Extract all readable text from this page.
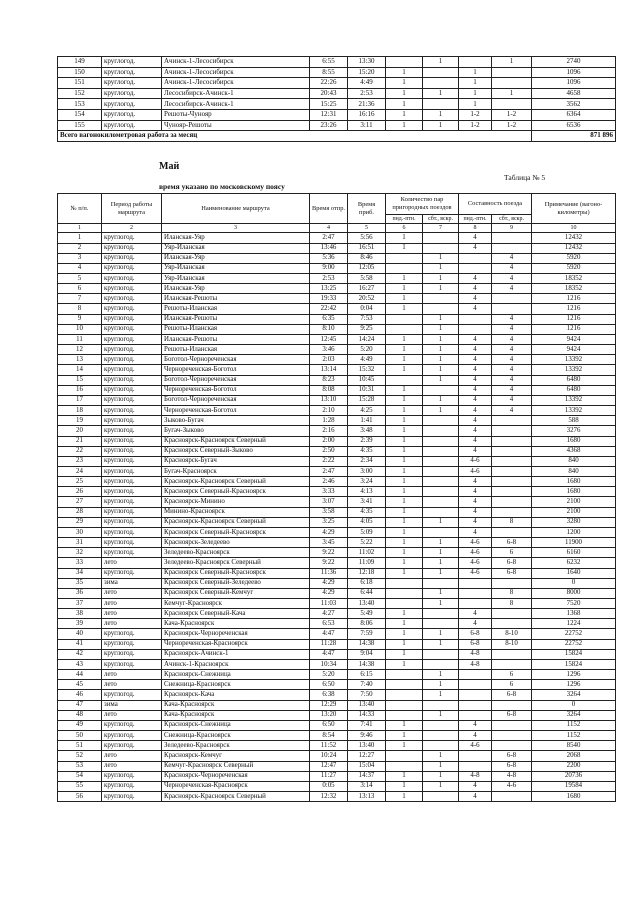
149	круглогод.	Ачинск-1-Лесосибирск	6:55	13:30		1		1	2740
150	круглогод.	Ачинск-1-Лесосибирск	8:55	15:20	1		1		1096
151	круглогод.	Ачинск-1-Лесосибирск	22:26	4:49	1		1		1096
152	круглогод.	Лесосибирск-Ачинск-1	20:43	2:53	1	1	1	1	4658
153	круглогод.	Лесосибирск-Ачинск-1	15:25	21:36	1		1		3562
154	круглогод.	Решоты-Чунояр	12:31	16:16	1	1	1-2	1-2	6364
155	круглогод.	Чунояр-Решоты	23:26	3:11	1	1	1-2	1-2	6536
Всего вагонокилометровая работа за месяц									871 896
Май
Таблица № 5
время указано по московскому поясу
№ п/п.	Период работы маршрута	Наименование маршрута	Время отпр.	Время приб.	Количество пар пригородных поездов		Составность поезда		Примечание (вагоно-километры)

					пнд.-птн.	сбт., вскр.	пнд.-птн.	сбт., вскр.	
1	2	3	4	5	6	7	8	9	10
1	круглогод.	Иланская-Уяр	2:47	5:56	1		4		12432
2	круглогод.	Уяр-Иланская	13:46	16:51	1		4		12432
3	круглогод.	Иланская-Уяр	5:36	8:46		1		4	5920
4	круглогод.	Уяр-Иланская	9:00	12:05		1		4	5920
5	круглогод.	Уяр-Иланская	2:53	5:58	1	1	4	4	18352
6	круглогод.	Иланская-Уяр	13:25	16:27	1	1	4	4	18352
7	круглогод.	Иланская-Решоты	19:33	20:52	1		4		1216
8	круглогод.	Решоты-Иланская	22:42	0:04	1		4		1216
9	круглогод.	Иланская-Решоты	6:35	7:53		1		4	1216
10	круглогод.	Решоты-Иланская	8:10	9:25		1		4	1216
11	круглогод.	Иланская-Решоты	12:45	14:24	1	1	4	4	9424
12	круглогод.	Решоты-Иланская	3:46	5:20	1	1	4	4	9424
13	круглогод.	Боготол-Чернореченская	2:03	4:49	1	1	4	4	13392
14	круглогод.	Чернореченская-Боготол	13:14	15:32	1	1	4	4	13392
15	круглогод.	Боготол-Чернореченская	8:23	10:45		1	4	4	6480
16	круглогод.	Чернореченская-Боготол	8:08	10:31	1		4	4	6480
17	круглогод.	Боготол-Чернореченская	13:10	15:28	1	1	4	4	13392
18	круглогод.	Чернореченская-Боготол	2:10	4:25	1	1	4	4	13392
19	круглогод.	Зыково-Бугач	1:28	1:41	1		4		588
20	круглогод.	Бугач-Зыково	2:16	3:48	1		4		3276
21	круглогод.	Красноярск-Красноярск Северный	2:00	2:39	1		4		1680
22	круглогод.	Красноярск Северный-Зыково	2:50	4:35	1		4		4368
23	круглогод.	Красноярск-Бугач	2:22	2:34	1		4-6		840
24	круглогод.	Бугач-Красноярск	2:47	3:00	1		4-6		840
25	круглогод.	Красноярск-Красноярск Северный	2:46	3:24	1		4		1680
26	круглогод.	Красноярск Северный-Красноярск	3:33	4:13	1		4		1680
27	круглогод.	Красноярск-Минино	3:07	3:41	1		4		2100
28	круглогод.	Минино-Красноярск	3:58	4:35	1		4		2100
29	круглогод.	Красноярск-Красноярск Северный	3:25	4:05	1	1	4	8	3280
30	круглогод.	Красноярск Северный-Красноярск	4:29	5:09	1		4		1200
31	круглогод.	Красноярск-Зеледеево	3:45	5:22	1	1	4-6	6-8	11900
32	круглогод.	Зеледеево-Красноярск	9:22	11:02	1	1	4-6	6	6160
33	лето	Зеледеево-Красноярск Северный	9:22	11:09	1	1	4-6	6-8	6232
34	круглогод.	Красноярск Северный-Красноярск	11:36	12:18	1	1	4-6	6-8	1640
35	зима	Красноярск Северный-Зеледеево	4:29	6:18					0
36	лето	Красноярск Северный-Кемчуг	4:29	6:44		1		8	8000
37	лето	Кемчуг-Красноярск	11:03	13:40		1		8	7520
38	лето	Красноярск Северный-Кача	4:27	5:49	1		4		1368
39	лето	Кача-Красноярск	6:53	8:06	1		4		1224
40	круглогод.	Красноярск-Чернореченская	4:47	7:59	1	1	6-8	8-10	22752
41	круглогод.	Чернореченская-Красноярск	11:28	14:38	1	1	6-8	8-10	22752
42	круглогод.	Красноярск-Ачинск-1	4:47	9:04	1		4-8		15824
43	круглогод.	Ачинск-1-Красноярск	10:34	14:38	1		4-8		15824
44	лето	Красноярск-Снежница	5:20	6:15		1		6	1296
45	лето	Снежница-Красноярск	6:50	7:40		1		6	1296
46	круглогод.	Красноярск-Кача	6:38	7:50		1		6-8	3264
47	зима	Кача-Красноярск	12:29	13:40					0
48	лето	Кача-Красноярск	13:20	14:33		1		6-8	3264
49	круглогод.	Красноярск-Снежница	6:50	7:41	1		4		1152
50	круглогод.	Снежница-Красноярск	8:54	9:46	1		4		1152
51	круглогод.	Зеледеево-Красноярск	11:52	13:40	1		4-6		8540
52	лето	Красноярск-Кемчуг	10:24	12:27		1		6-8	2068
53	лето	Кемчуг-Красноярск Северный	12:47	15:04		1		6-8	2200
54	круглогод.	Красноярск-Чернореченская	11:27	14:37	1	1	4-8	4-8	20736
55	круглогод.	Чернореченская-Красноярск	0:05	3:14	1	1	4	4-6	19584
56	круглогод.	Красноярск-Красноярск Северный	12:32	13:13	1		4		1680
